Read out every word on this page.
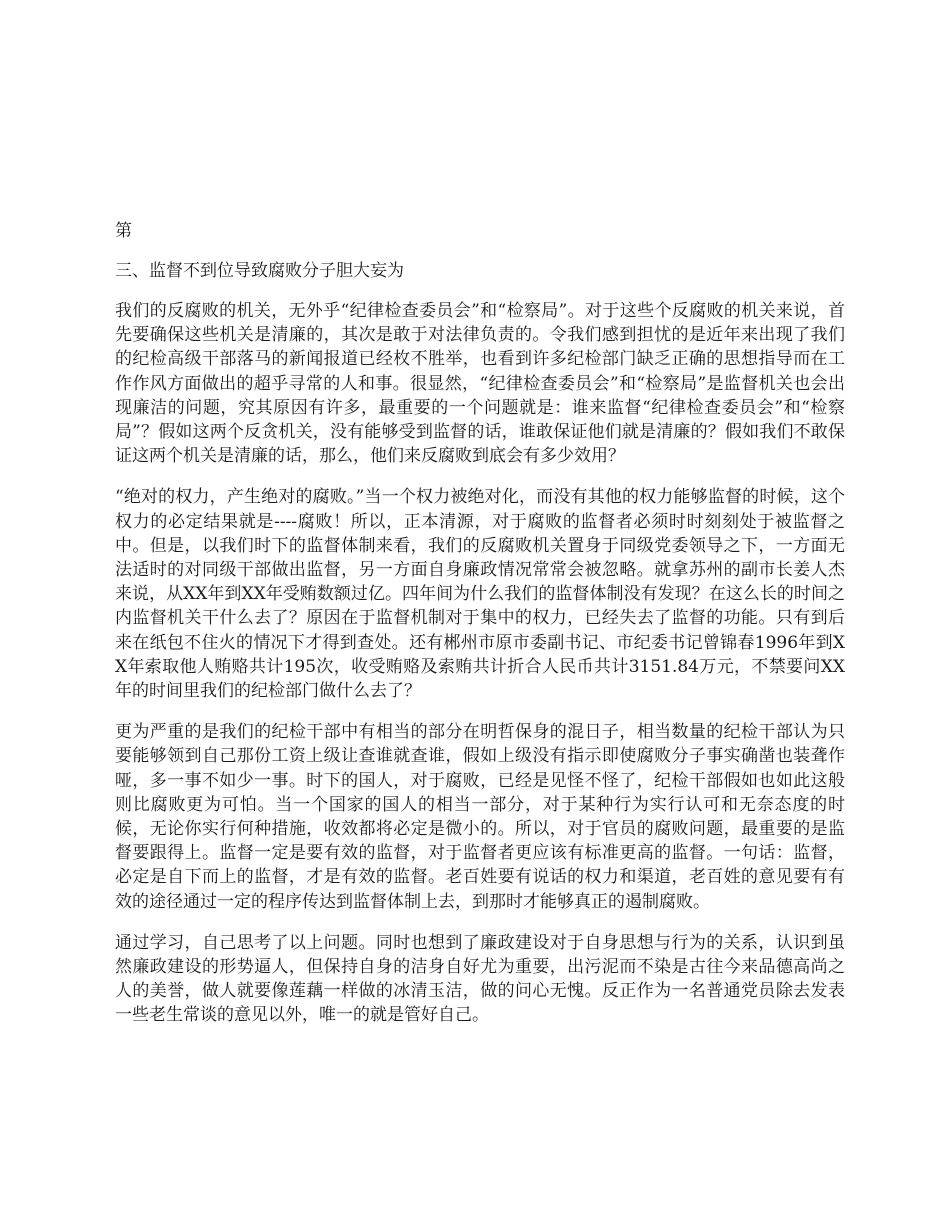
第
三、监督不到位导致腐败分子胆大妄为

我们的反腐败的机关，无外乎“纪律检查委员会”和“检察局”。对于这些个反腐败的机关来说，首先要确保这些机关是清廉的，其次是敢于对法律负责的。令我们感到担忧的是近年来出现了我们的纪检高级干部落马的新闻报道已经枚不胜举，也看到许多纪检部门缺乏正确的思想指导而在工作作风方面做出的超乎寻常的人和事。很显然，“纪律检查委员会”和“检察局”是监督机关也会出现廉洁的问题，究其原因有许多，最重要的一个问题就是：谁来监督“纪律检查委员会”和“检察局”？假如这两个反贪机关，没有能够受到监督的话，谁敢保证他们就是清廉的？假如我们不敢保证这两个机关是清廉的话，那么，他们来反腐败到底会有多少效用？

“绝对的权力，产生绝对的腐败。”当一个权力被绝对化，而没有其他的权力能够监督的时候，这个权力的必定结果就是----腐败！所以，正本清源，对于腐败的监督者必须时时刻刻处于被监督之中。但是，以我们时下的监督体制来看，我们的反腐败机关置身于同级党委领导之下，一方面无法适时的对同级干部做出监督，另一方面自身廉政情况常常会被忽略。就拿苏州的副市长姜人杰来说，从XX年到XX年受贿数额过亿。四年间为什么我们的监督体制没有发现？在这么长的时间之内监督机关干什么去了？原因在于监督机制对于集中的权力，已经失去了监督的功能。只有到后来在纸包不住火的情况下才得到查处。还有郴州市原市委副书记、市纪委书记曾锦春1996年到XX年索取他人贿赂共计195次，收受贿赂及索贿共计折合人民币共计3151.84万元，不禁要问XX年的时间里我们的纪检部门做什么去了？

更为严重的是我们的纪检干部中有相当的部分在明哲保身的混日子，相当数量的纪检干部认为只要能够领到自己那份工资上级让查谁就查谁，假如上级没有指示即使腐败分子事实确凿也装聋作哑，多一事不如少一事。时下的国人，对于腐败，已经是见怪不怪了，纪检干部假如也如此这般则比腐败更为可怕。当一个国家的国人的相当一部分，对于某种行为实行认可和无奈态度的时候，无论你实行何种措施，收效都将必定是微小的。所以，对于官员的腐败问题，最重要的是监督要跟得上。监督一定是要有效的监督，对于监督者更应该有标准更高的监督。一句话：监督，必定是自下而上的监督，才是有效的监督。老百姓要有说话的权力和渠道，老百姓的意见要有有效的途径通过一定的程序传达到监督体制上去，到那时才能够真正的遏制腐败。

通过学习，自己思考了以上问题。同时也想到了廉政建设对于自身思想与行为的关系，认识到虽然廉政建设的形势逼人，但保持自身的洁身自好尤为重要，出污泥而不染是古往今来品德高尚之人的美誉，做人就要像莲藕一样做的冰清玉洁，做的问心无愧。反正作为一名普通党员除去发表一些老生常谈的意见以外，唯一的就是管好自己。
